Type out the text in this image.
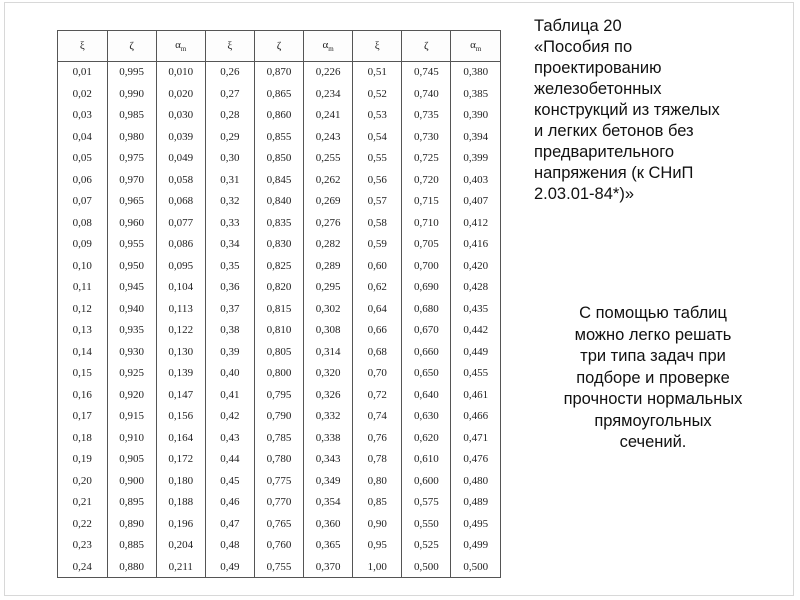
ξ	ζ	$\alpha_m$	ξ	ζ	$\alpha_m$	ξ	ζ	$\alpha_m$
0,01	0,995	0,010	0,26	0,870	0,226	0,51	0,745	0,380
0,02	0,990	0,020	0,27	0,865	0,234	0,52	0,740	0,385
0,03	0,985	0,030	0,28	0,860	0,241	0,53	0,735	0,390
0,04	0,980	0,039	0,29	0,855	0,243	0,54	0,730	0,394
0,05	0,975	0,049	0,30	0,850	0,255	0,55	0,725	0,399
0,06	0,970	0,058	0,31	0,845	0,262	0,56	0,720	0,403
0,07	0,965	0,068	0,32	0,840	0,269	0,57	0,715	0,407
0,08	0,960	0,077	0,33	0,835	0,276	0,58	0,710	0,412
0,09	0,955	0,086	0,34	0,830	0,282	0,59	0,705	0,416
0,10	0,950	0,095	0,35	0,825	0,289	0,60	0,700	0,420
0,11	0,945	0,104	0,36	0,820	0,295	0,62	0,690	0,428
0,12	0,940	0,113	0,37	0,815	0,302	0,64	0,680	0,435
0,13	0,935	0,122	0,38	0,810	0,308	0,66	0,670	0,442
0,14	0,930	0,130	0,39	0,805	0,314	0,68	0,660	0,449
0,15	0,925	0,139	0,40	0,800	0,320	0,70	0,650	0,455
0,16	0,920	0,147	0,41	0,795	0,326	0,72	0,640	0,461
0,17	0,915	0,156	0,42	0,790	0,332	0,74	0,630	0,466
0,18	0,910	0,164	0,43	0,785	0,338	0,76	0,620	0,471
0,19	0,905	0,172	0,44	0,780	0,343	0,78	0,610	0,476
0,20	0,900	0,180	0,45	0,775	0,349	0,80	0,600	0,480
0,21	0,895	0,188	0,46	0,770	0,354	0,85	0,575	0,489
0,22	0,890	0,196	0,47	0,765	0,360	0,90	0,550	0,495
0,23	0,885	0,204	0,48	0,760	0,365	0,95	0,525	0,499
0,24	0,880	0,211	0,49	0,755	0,370	1,00	0,500	0,500
Таблица 20
«Пособия по
проектированию
железобетонных
конструкций из тяжелых
и легких бетонов без
предварительного
напряжения (к СНиП
2.03.01-84*)»
С помощью таблиц
можно легко решать
три типа задач при
подборе и проверке
прочности нормальных
прямоугольных
сечений.
